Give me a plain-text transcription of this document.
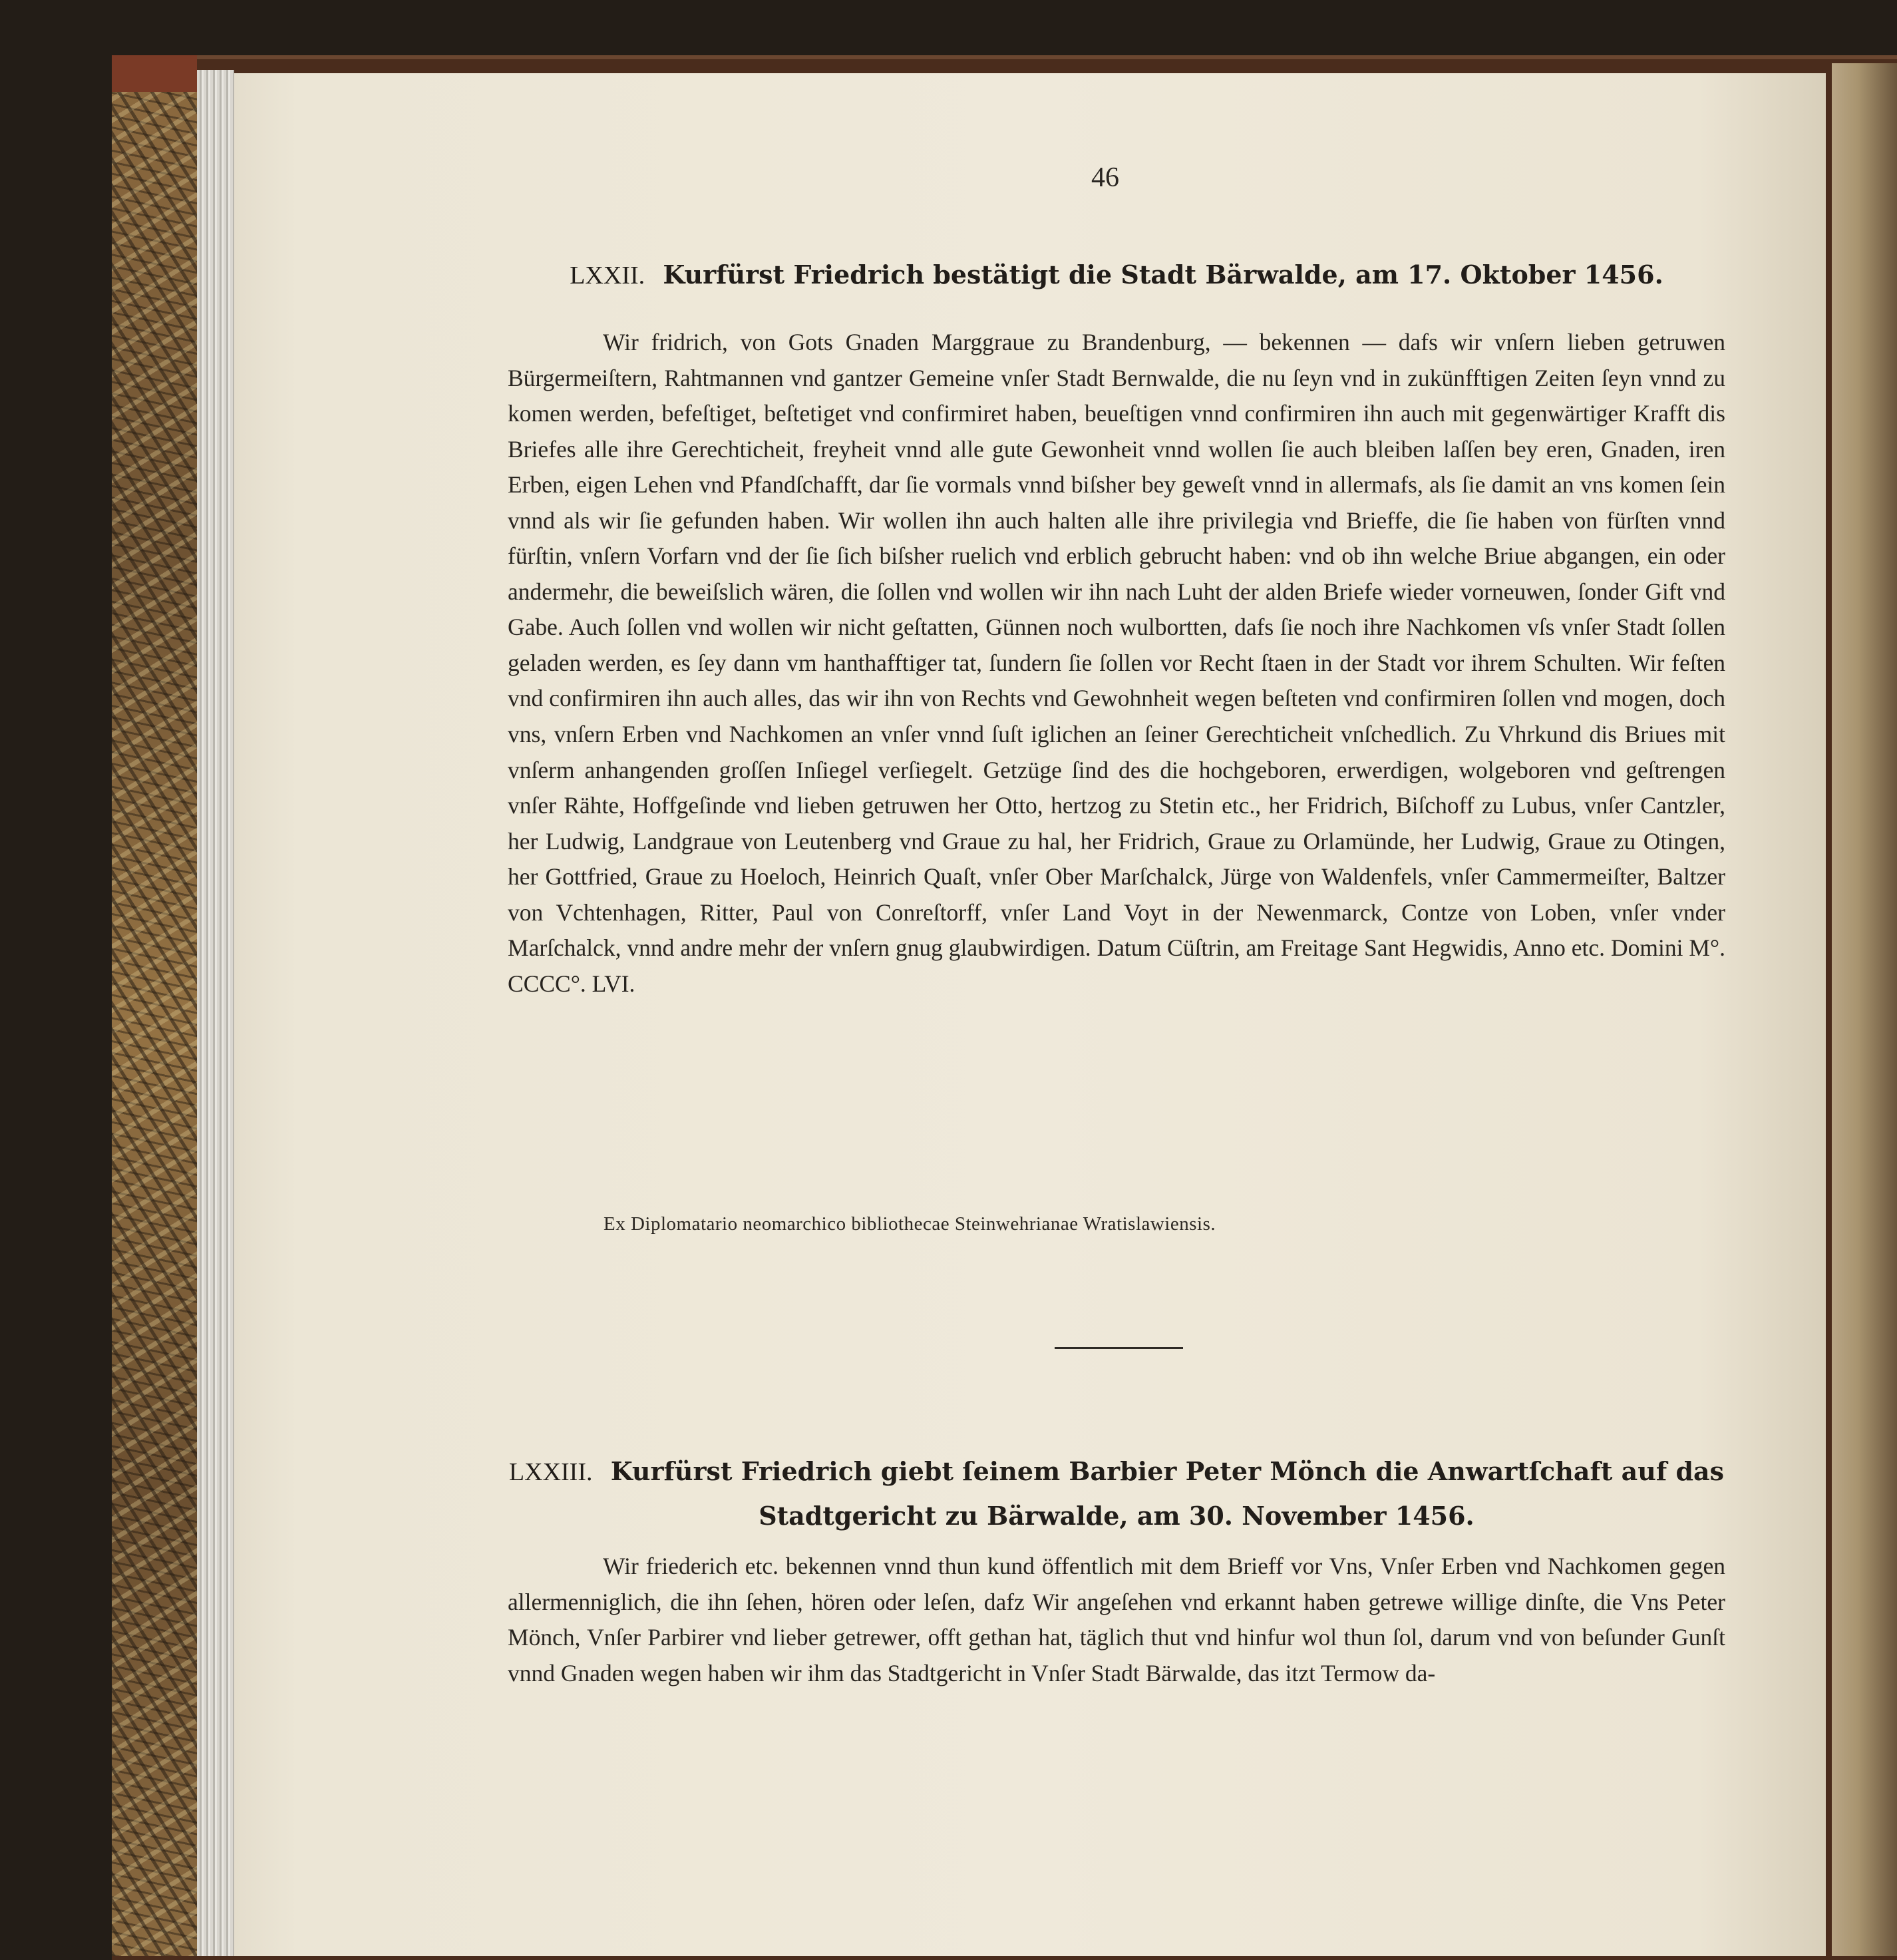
46

LXXII. Kurfürst Friedrich bestätigt die Stadt Bärwalde, am 17. Oktober 1456.

Wir fridrich, von Gots Gnaden Marggraue zu Brandenburg, — bekennen — dafs wir vnſern lieben getruwen Bürgermeiſtern, Rahtmannen vnd gantzer Gemeine vnſer Stadt Bernwalde, die nu ſeyn vnd in zukünfftigen Zeiten ſeyn vnnd zu komen werden, befeſtiget, beſtetiget vnd confirmiret haben, beueſtigen vnnd confirmiren ihn auch mit gegenwärtiger Krafft dis Briefes alle ihre Gerechticheit, freyheit vnnd alle gute Gewonheit vnnd wollen ſie auch bleiben laſſen bey eren, Gnaden, iren Erben, eigen Lehen vnd Pfandſchafft, dar ſie vormals vnnd biſsher bey geweſt vnnd in allermafs, als ſie damit an vns komen ſein vnnd als wir ſie gefunden haben. Wir wollen ihn auch halten alle ihre privilegia vnd Brieffe, die ſie haben von fürſten vnnd fürſtin, vnſern Vorfarn vnd der ſie ſich biſsher ruelich vnd erblich gebrucht haben: vnd ob ihn welche Briue abgangen, ein oder andermehr, die beweiſslich wären, die ſollen vnd wollen wir ihn nach Luht der alden Briefe wieder vorneuwen, ſonder Gift vnd Gabe. Auch ſollen vnd wollen wir nicht geſtatten, Günnen noch wulbortten, dafs ſie noch ihre Nachkomen vſs vnſer Stadt ſollen geladen werden, es ſey dann vm hanthafftiger tat, ſundern ſie ſollen vor Recht ſtaen in der Stadt vor ihrem Schulten. Wir feſten vnd confirmiren ihn auch alles, das wir ihn von Rechts vnd Gewohnheit wegen beſteten vnd confirmiren ſollen vnd mogen, doch vns, vnſern Erben vnd Nachkomen an vnſer vnnd ſuſt iglichen an ſeiner Gerechticheit vnſchedlich. Zu Vhrkund dis Briues mit vnſerm anhangenden groſſen Inſiegel verſiegelt. Getzüge ſind des die hochgeboren, erwerdigen, wolgeboren vnd geſtrengen vnſer Rähte, Hoffgeſinde vnd lieben getruwen her Otto, hertzog zu Stetin etc., her Fridrich, Biſchoff zu Lubus, vnſer Cantzler, her Ludwig, Landgraue von Leutenberg vnd Graue zu hal, her Fridrich, Graue zu Orlamünde, her Ludwig, Graue zu Otingen, her Gottfried, Graue zu Hoeloch, Heinrich Quaſt, vnſer Ober Marſchalck, Jürge von Waldenfels, vnſer Cammermeiſter, Baltzer von Vchtenhagen, Ritter, Paul von Conreſtorff, vnſer Land Voyt in der Newenmarck, Contze von Loben, vnſer vnder Marſchalck, vnnd andre mehr der vnſern gnug glaubwirdigen. Datum Cüſtrin, am Freitage Sant Hegwidis, Anno etc. Domini M°. CCCC°. LVI.

Ex Diplomatario neomarchico bibliothecae Steinwehrianae Wratislawiensis.

LXXIII. Kurfürst Friedrich giebt ſeinem Barbier Peter Mönch die Anwartſchaft auf das
Stadtgericht zu Bärwalde, am 30. November 1456.

Wir friederich etc. bekennen vnnd thun kund öffentlich mit dem Brieff vor Vns, Vnſer Erben vnd Nachkomen gegen allermenniglich, die ihn ſehen, hören oder leſen, dafz Wir angeſehen vnd erkannt haben getrewe willige dinſte, die Vns Peter Mönch, Vnſer Parbirer vnd lieber getrewer, offt gethan hat, täglich thut vnd hinfur wol thun ſol, darum vnd von beſunder Gunſt vnnd Gnaden wegen haben wir ihm das Stadtgericht in Vnſer Stadt Bärwalde, das itzt Termow da-
